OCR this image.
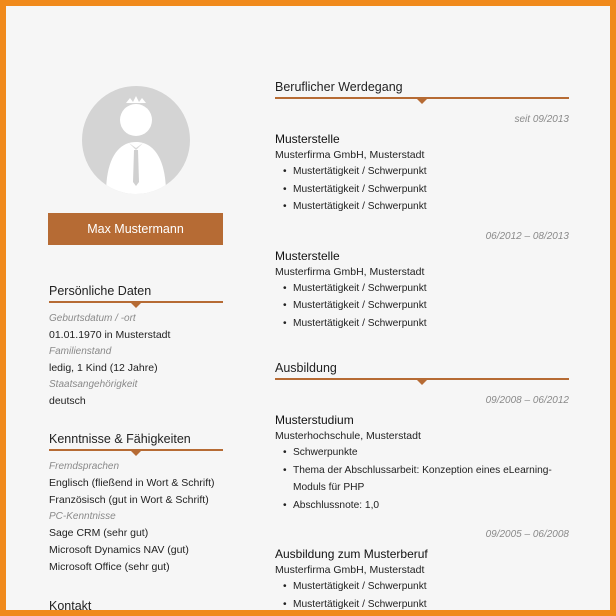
Max Mustermann
Persönliche Daten
Geburtsdatum / -ort
01.01.1970 in Musterstadt
Familienstand
ledig, 1 Kind (12 Jahre)
Staatsangehörigkeit
deutsch
Kenntnisse & Fähigkeiten
Fremdsprachen
Englisch (fließend in Wort & Schrift)
Französisch (gut in Wort & Schrift)
PC-Kenntnisse
Sage CRM (sehr gut)
Microsoft Dynamics NAV (gut)
Microsoft Office (sehr gut)
Kontakt
Beruflicher Werdegang
seit 09/2013
Musterstelle
Musterfirma GmbH, Musterstadt
• Mustertätigkeit / Schwerpunkt
• Mustertätigkeit / Schwerpunkt
• Mustertätigkeit / Schwerpunkt
06/2012 – 08/2013
Musterstelle
Musterfirma GmbH, Musterstadt
• Mustertätigkeit / Schwerpunkt
• Mustertätigkeit / Schwerpunkt
• Mustertätigkeit / Schwerpunkt
Ausbildung
09/2008 – 06/2012
Musterstudium
Musterhochschule, Musterstadt
• Schwerpunkte
• Thema der Abschlussarbeit: Konzeption eines eLearning-Moduls für PHP
• Abschlussnote: 1,0
09/2005 – 06/2008
Ausbildung zum Musterberuf
Musterfirma GmbH, Musterstadt
• Mustertätigkeit / Schwerpunkt
• Mustertätigkeit / Schwerpunkt
